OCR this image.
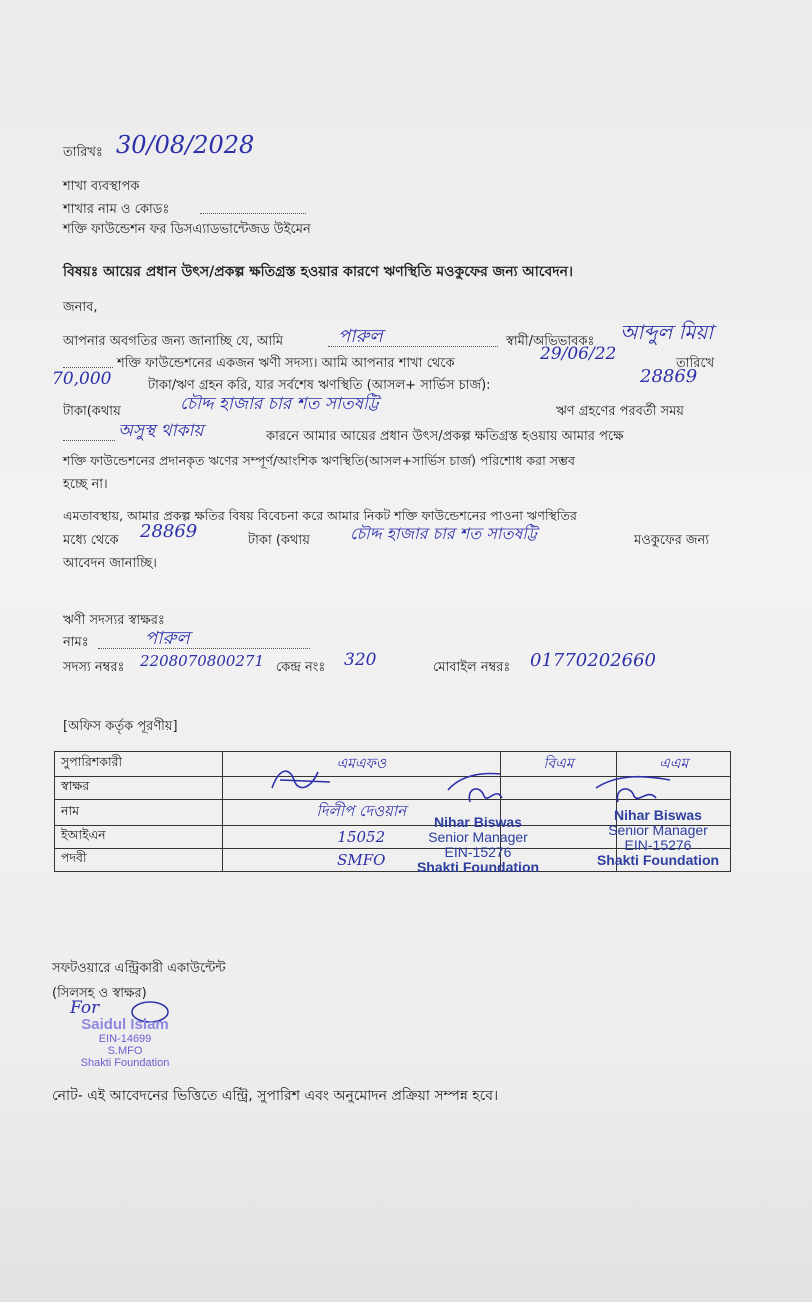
তারিখঃ 30/08/2028
শাখা ব্যবস্থাপক
শাখার নাম ও কোডঃ
শক্তি ফাউন্ডেশন ফর ডিসএ্যাডভান্টেজড উইমেন
বিষয়ঃ আয়ের প্রধান উৎস/প্রকল্প ক্ষতিগ্রস্ত হওয়ার কারণে ঋণস্থিতি মওকুফের জন্য আবেদন।
জনাব,
আপনার অবগতির জন্য জানাচ্ছি যে, আমি	পারুল	স্বামী/অভিভাবকঃ আব্দুল মিয়া
শক্তি ফাউন্ডেশনের একজন ঋণী সদস্য। আমি আপনার শাখা থেকে	29/06/22	তারিখে
70,000	টাকা/ঋণ গ্রহন করি, যার সর্বশেষ ঋণস্থিতি (আসল+ সার্ভিস চার্জ):	28869
টাকা(কথায়	চৌদ্দ হাজার চার শত সাতষট্টি	ঋণ গ্রহণের পরবর্তী সময়
অসুস্থ থাকায়	কারনে আমার আয়ের প্রধান উৎস/প্রকল্প ক্ষতিগ্রস্ত হওয়ায় আমার পক্ষে
শক্তি ফাউন্ডেশনের প্রদানকৃত ঋণের সম্পূর্ণ/আংশিক ঋণস্থিতি(আসল+সার্ভিস চার্জ) পরিশোধ করা সম্ভব
হচ্ছে না।
এমতাবস্থায়, আমার প্রকল্প ক্ষতির বিষয় বিবেচনা করে আমার নিকট শক্তি ফাউন্ডেশনের পাওনা ঋণস্থিতির
মধ্যে থেকে 28869	টাকা (কথায়	চৌদ্দ হাজার চার শত সাতষট্টি	মওকুফের জন্য
আবেদন জানাচ্ছি।
ঋণী সদস্যর স্বাক্ষরঃ
নামঃ	পারুল
সদস্য নম্বরঃ 2208070800271 কেন্দ্র নংঃ 320	মোবাইল নম্বরঃ 01770202660
[অফিস কর্তৃক পূরণীয়]
সুপারিশকারী	এমএফও	বিএম	এএম
স্বাক্ষর			
নাম	দিলীপ দেওয়ান		
ইআইএন	15052		
পদবী	SMFO		
Nihar Biswas
Senior Manager
EIN-15276
Shakti Foundation
Nihar Biswas
Senior Manager
EIN-15276
Shakti Foundation
সফটওয়ারে এন্ট্রিকারী একাউন্টেন্ট
(সিলসহ ও স্বাক্ষর)
For
Saidul Islam
EIN-14699
S.MFO
Shakti Foundation
নোট- এই আবেদনের ভিত্তিতে এন্ট্রি, সুপারিশ এবং অনুমোদন প্রক্রিয়া সম্পন্ন হবে।
